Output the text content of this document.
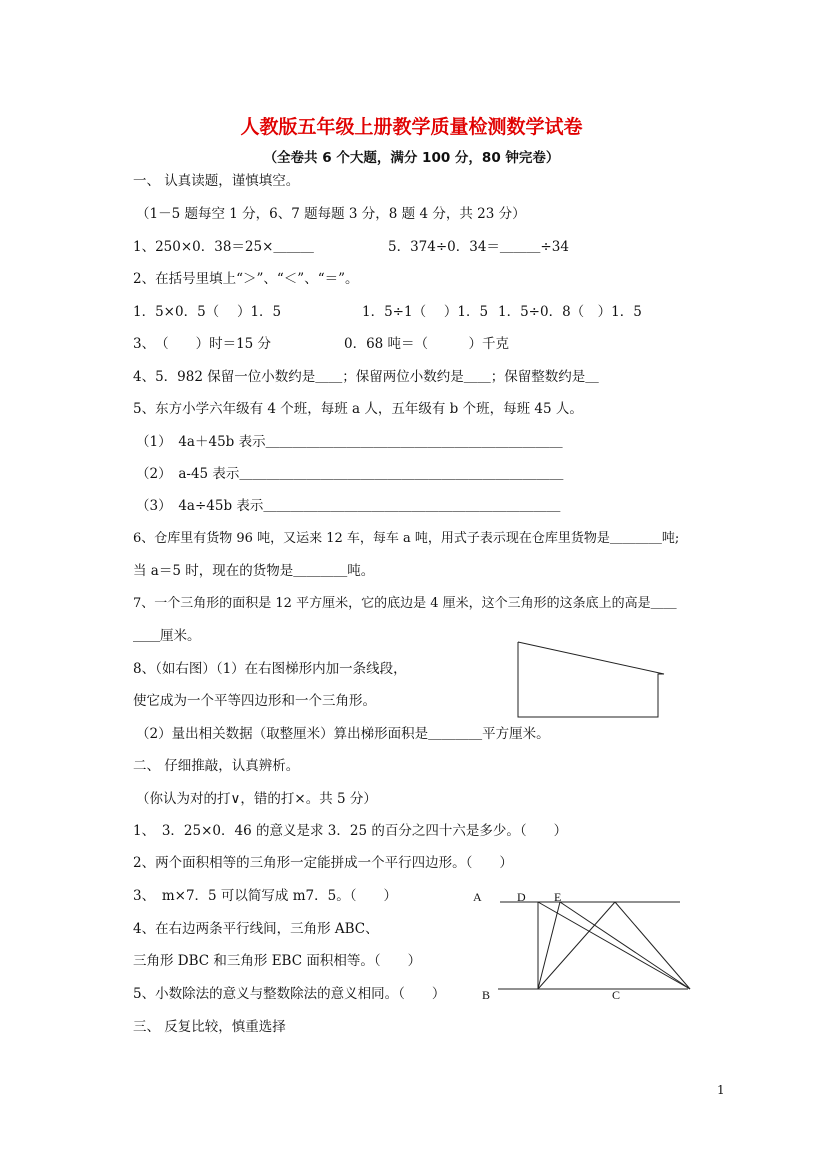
人教版五年级上册教学质量检测数学试卷
（全卷共 6 个大题，满分 100 分，80 钟完卷）
一、 认真读题，谨慎填空。
（1－5 题每空 1 分，6、7 题每题 3 分，8 题 4 分，共 23 分）
1、250×0．38＝25×＿＿＿	5．374÷0．34＝＿＿＿÷34
2、在括号里填上“＞”、“＜”、“＝”。
1．5×0．5（　 ）1．5	1．5÷1（　 ）1．5 1．5÷0．8（　）1．5
3、　（　　）时＝15 分	0．68 吨＝（　　　）千克
4、5．982 保留一位小数约是＿＿；保留两位小数约是＿＿；保留整数约是＿
5、东方小学六年级有 4 个班，每班 a 人，五年级有 b 个班，每班 45 人。
（1）　4a＋45b 表示＿＿＿＿＿＿＿＿＿＿＿＿＿＿＿＿＿＿＿＿＿＿
（2）　a-45 表示＿＿＿＿＿＿＿＿＿＿＿＿＿＿＿＿＿＿＿＿＿＿＿＿
（3）　4a÷45b 表示＿＿＿＿＿＿＿＿＿＿＿＿＿＿＿＿＿＿＿＿＿＿
6、仓库里有货物 96 吨，又运来 12 车，每车 a 吨，用式子表示现在仓库里货物是＿＿＿＿吨;
当 a＝5 时，现在的货物是＿＿＿＿吨。
7、一个三角形的面积是 12 平方厘米，它的底边是 4 厘米，这个三角形的这条底上的高是＿＿
＿＿厘米。
8、（如右图）（1）在右图梯形内加一条线段，
使它成为一个平等四边形和一个三角形。
（2）量出相关数据（取整厘米）算出梯形面积是＿＿＿＿平方厘米。
二、 仔细推敲，认真辨析。
（你认为对的打∨，错的打×。共 5 分）
1、　3．25×0．46 的意义是求 3．25 的百分之四十六是多少。（　　）
2、两个面积相等的三角形一定能拼成一个平行四边形。（　　）
3、　m×7．5 可以简写成 m7．5。（　　）
4、在右边两条平行线间，三角形 ABC、
三角形 DBC 和三角形 EBC 面积相等。（　　）
5、小数除法的意义与整数除法的意义相同。（　　）
A	D E
B	C
三、 反复比较，慎重选择
1
